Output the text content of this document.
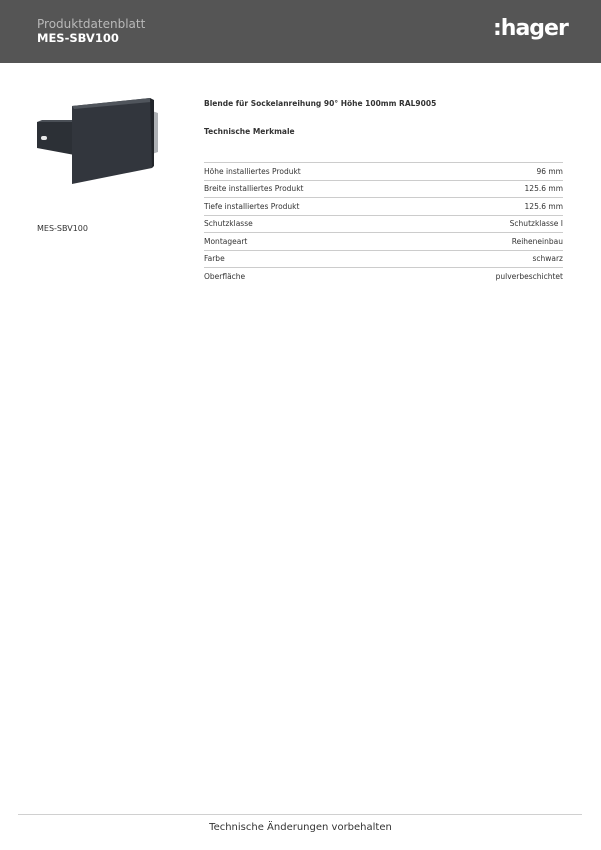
Produktdatenblatt
MES-SBV100	:hager
MES-SBV100
Blende für Sockelanreihung 90° Höhe 100mm RAL9005
Technische Merkmale
Höhe installiertes Produkt	96 mm
Breite installiertes Produkt	125.6 mm
Tiefe installiertes Produkt	125.6 mm
Schutzklasse	Schutzklasse I
Montageart	Reiheneinbau
Farbe	schwarz
Oberfläche	pulverbeschichtet
Technische Änderungen vorbehalten
